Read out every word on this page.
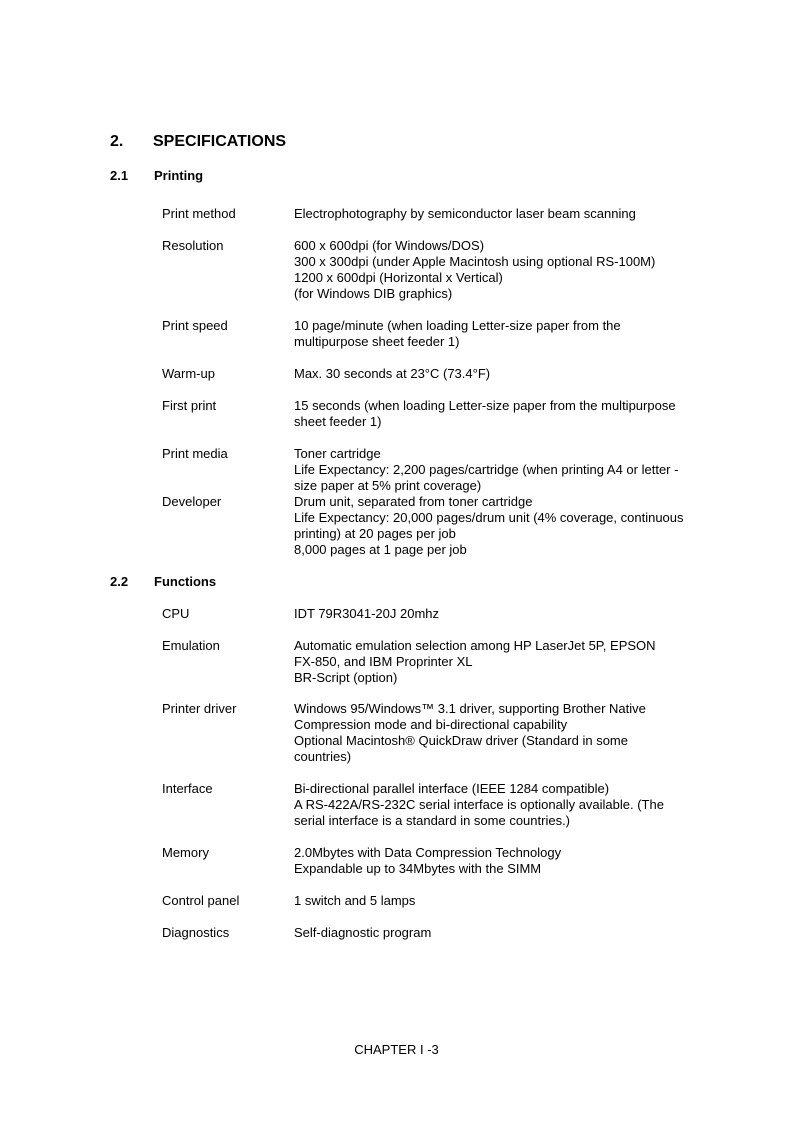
2. SPECIFICATIONS
2.1 Printing
Print method	Electrophotography by semiconductor laser beam scanning
Resolution	600 x 600dpi (for Windows/DOS)
300 x 300dpi (under Apple Macintosh using optional RS-100M)
1200 x 600dpi (Horizontal x Vertical)
(for Windows DIB graphics)
Print speed	10 page/minute (when loading Letter-size paper from the
multipurpose sheet feeder 1)
Warm-up	Max. 30 seconds at 23°C (73.4°F)
First print	15 seconds (when loading Letter-size paper from the multipurpose
sheet feeder 1)
Print media	Toner cartridge
Life Expectancy: 2,200 pages/cartridge (when printing A4 or letter -
size paper at 5% print coverage)
Developer	Drum unit, separated from toner cartridge
Life Expectancy: 20,000 pages/drum unit (4% coverage, continuous
printing) at 20 pages per job
8,000 pages at 1 page per job
2.2 Functions
CPU	IDT 79R3041-20J 20mhz
Emulation	Automatic emulation selection among HP LaserJet 5P, EPSON
FX-850, and IBM Proprinter XL
BR-Script (option)
Printer driver	Windows 95/Windows™ 3.1 driver, supporting Brother Native
Compression mode and bi-directional capability
Optional Macintosh® QuickDraw driver (Standard in some
countries)
Interface	Bi-directional parallel interface (IEEE 1284 compatible)
A RS-422A/RS-232C serial interface is optionally available. (The
serial interface is a standard in some countries.)
Memory	2.0Mbytes with Data Compression Technology
Expandable up to 34Mbytes with the SIMM
Control panel	1 switch and 5 lamps
Diagnostics	Self-diagnostic program
CHAPTER I -3
